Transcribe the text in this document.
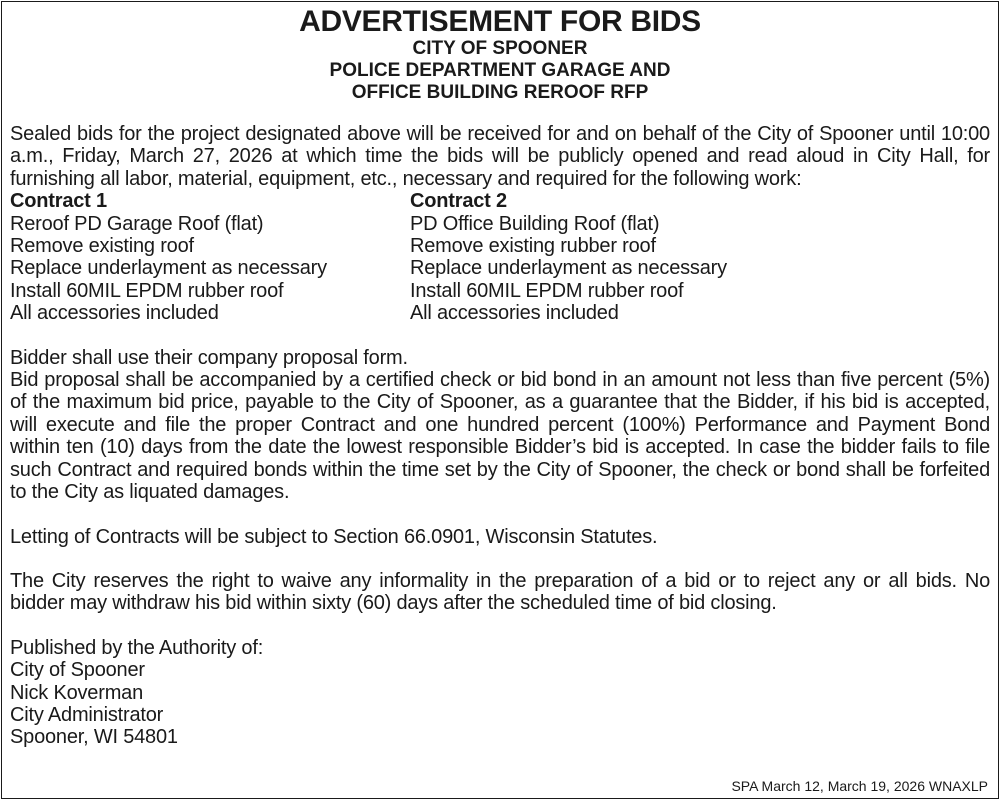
ADVERTISEMENT FOR BIDS

CITY OF SPOONER

POLICE DEPARTMENT GARAGE AND

OFFICE BUILDING REROOF RFP

Sealed bids for the project designated above will be received for and on behalf of the City of Spooner until 10:00 a.m., Friday, March 27, 2026 at which time the bids will be publicly opened and read aloud in City Hall, for furnishing all labor, material, equipment, etc., necessary and required for the following work:

Contract 1
Reroof PD Garage Roof (flat)
Remove existing roof
Replace underlayment as necessary
Install 60MIL EPDM rubber roof
All accessories included
Contract 2
PD Office Building Roof (flat)
Remove existing rubber roof
Replace underlayment as necessary
Install 60MIL EPDM rubber roof
All accessories included

Bidder shall use their company proposal form.

Bid proposal shall be accompanied by a certified check or bid bond in an amount not less than five percent (5%) of the maximum bid price, payable to the City of Spooner, as a guarantee that the Bidder, if his bid is accepted, will execute and file the proper Contract and one hundred percent (100%) Performance and Payment Bond within ten (10) days from the date the lowest responsible Bidder’s bid is accepted. In case the bidder fails to file such Contract and required bonds within the time set by the City of Spooner, the check or bond shall be forfeited to the City as liquated damages.

Letting of Contracts will be subject to Section 66.0901, Wisconsin Statutes.

The City reserves the right to waive any informality in the preparation of a bid or to reject any or all bids. No bidder may withdraw his bid within sixty (60) days after the scheduled time of bid closing.

Published by the Authority of:
City of Spooner
Nick Koverman
City Administrator
Spooner, WI 54801
SPA March 12, March 19, 2026 WNAXLP
